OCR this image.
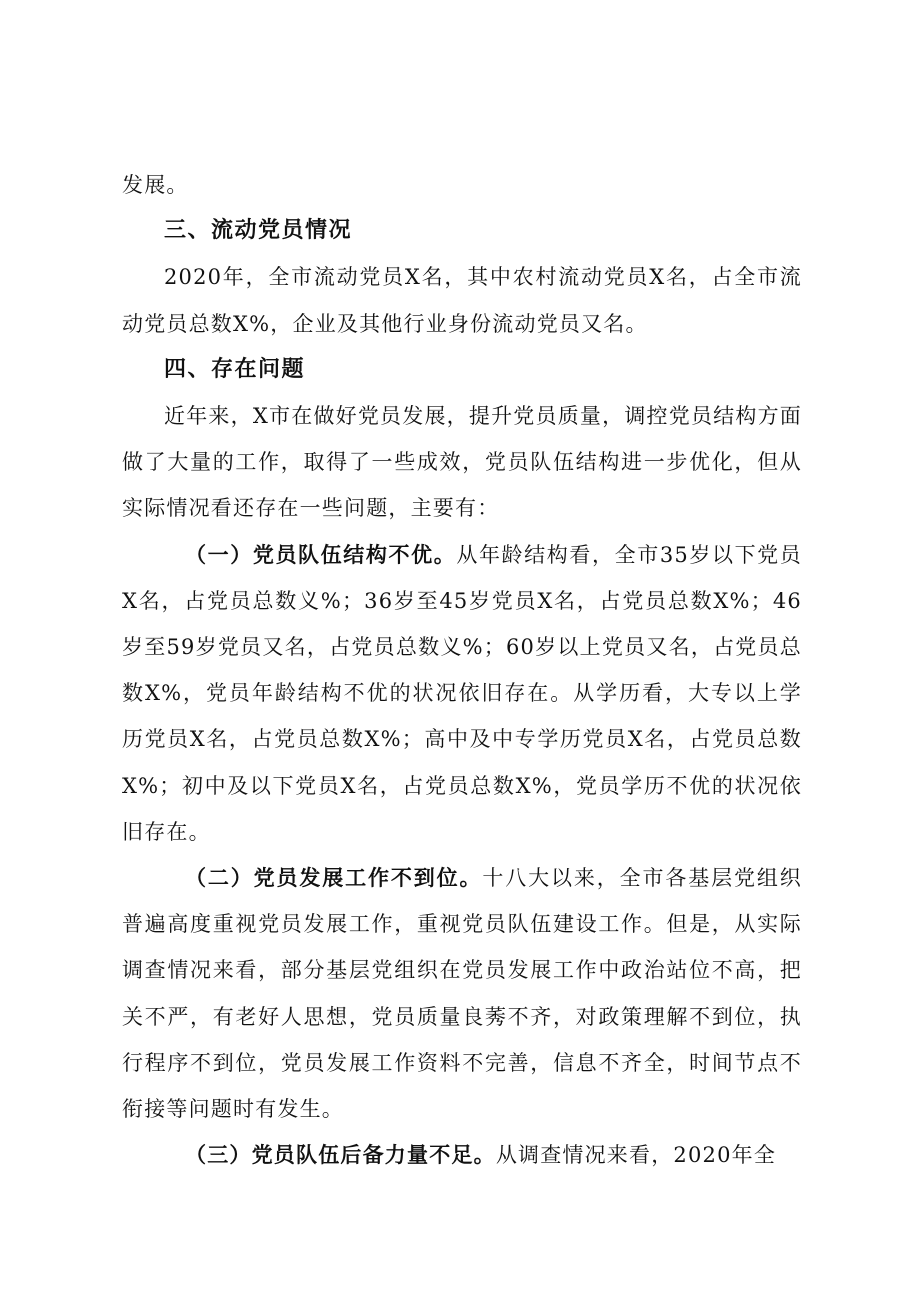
发展。

三、流动党员情况

2020年，全市流动党员X名，其中农村流动党员X名，占全市流动党员总数X%，企业及其他行业身份流动党员又名。

四、存在问题

近年来，X市在做好党员发展，提升党员质量，调控党员结构方面做了大量的工作，取得了一些成效，党员队伍结构进一步优化，但从实际情况看还存在一些问题，主要有：

（一）党员队伍结构不优。从年龄结构看，全市35岁以下党员X名，占党员总数义%；36岁至45岁党员X名，占党员总数X%；46岁至59岁党员又名，占党员总数义%；60岁以上党员又名，占党员总数X%，党员年龄结构不优的状况依旧存在。从学历看，大专以上学历党员X名，占党员总数X%；高中及中专学历党员X名，占党员总数X%；初中及以下党员X名，占党员总数X%，党员学历不优的状况依旧存在。

（二）党员发展工作不到位。十八大以来，全市各基层党组织普遍高度重视党员发展工作，重视党员队伍建设工作。但是，从实际调查情况来看，部分基层党组织在党员发展工作中政治站位不高，把关不严，有老好人思想，党员质量良莠不齐，对政策理解不到位，执行程序不到位，党员发展工作资料不完善，信息不齐全，时间节点不衔接等问题时有发生。

（三）党员队伍后备力量不足。从调查情况来看，2020年全
